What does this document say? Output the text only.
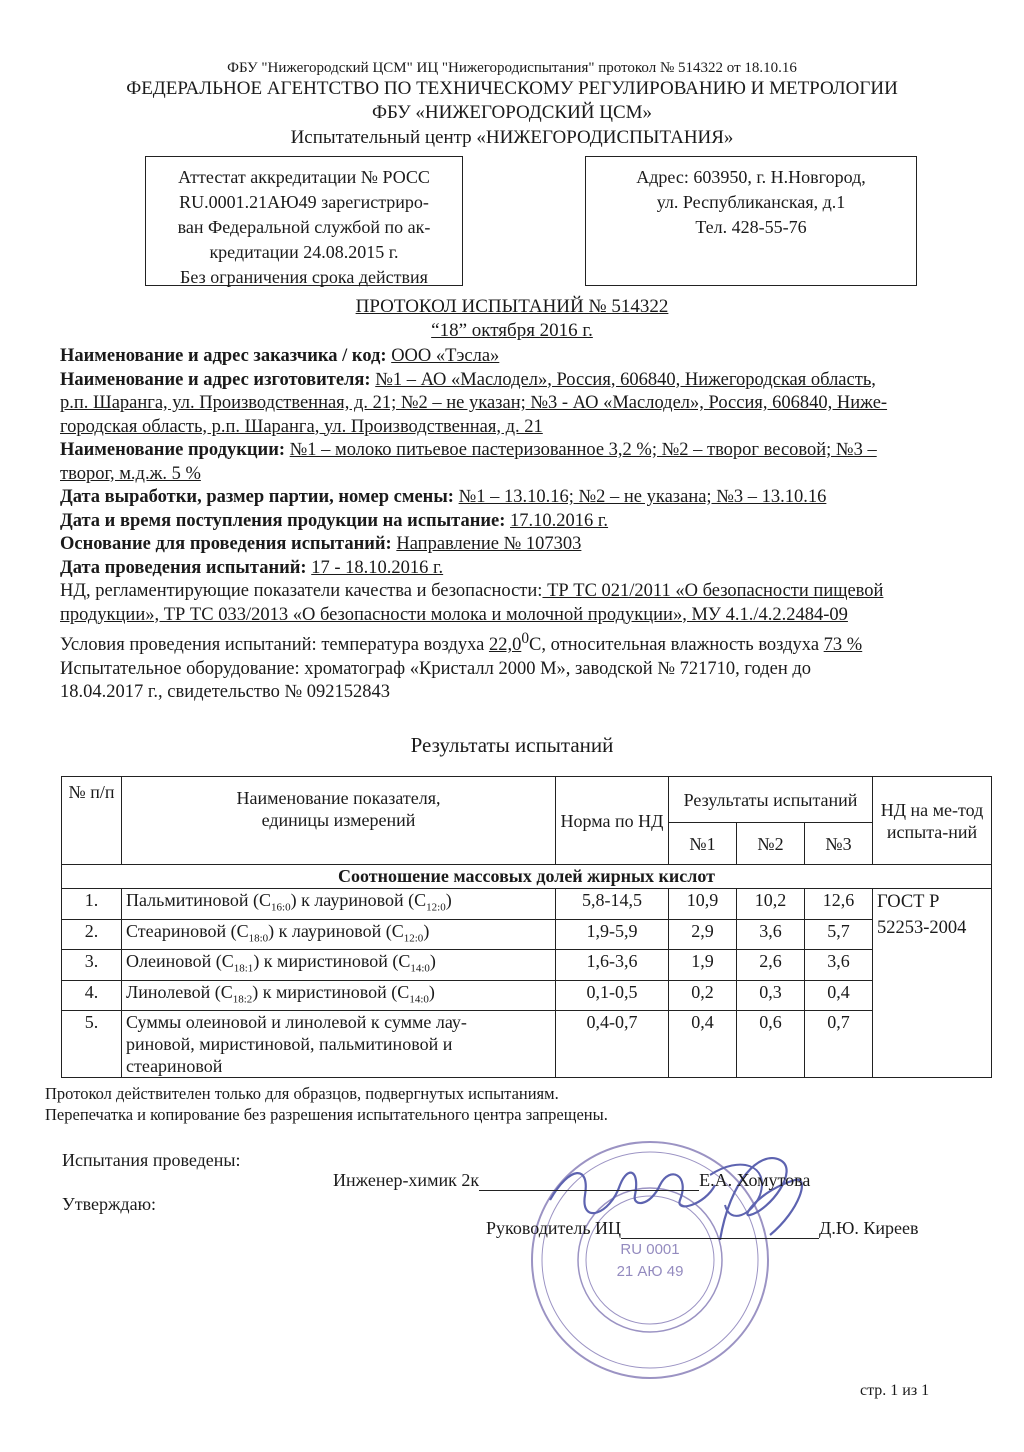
ФБУ "Нижегородский ЦСМ" ИЦ "Нижегородиспытания" протокол № 514322 от 18.10.16
ФЕДЕРАЛЬНОЕ АГЕНТСТВО ПО ТЕХНИЧЕСКОМУ РЕГУЛИРОВАНИЮ И МЕТРОЛОГИИ
ФБУ «НИЖЕГОРОДСКИЙ ЦСМ»
Испытательный центр «НИЖЕГОРОДИСПЫТАНИЯ»
Аттестат аккредитации № РОСС
RU.0001.21АЮ49 зарегистриро-
ван Федеральной службой по ак-
кредитации 24.08.2015 г.
Без ограничения срока действия
Адрес: 603950, г. Н.Новгород,
ул. Республиканская, д.1
Тел. 428-55-76
ПРОТОКОЛ ИСПЫТАНИЙ № 514322
“18” октября 2016 г.

Наименование и адрес заказчика / код: ООО «Тэсла»

Наименование и адрес изготовителя: №1 – АО «Маслодел», Россия, 606840, Нижегородская область,

р.п. Шаранга, ул. Производственная, д. 21; №2 – не указан; №3 - АО «Маслодел», Россия, 606840, Ниже-

городская область, р.п. Шаранга, ул. Производственная, д. 21

Наименование продукции: №1 – молоко питьевое пастеризованное 3,2 %; №2 – творог весовой; №3 –

творог, м.д.ж. 5 %

Дата выработки, размер партии, номер смены: №1 – 13.10.16; №2 – не указана; №3 – 13.10.16

Дата и время поступления продукции на испытание: 17.10.2016 г.

Основание для проведения испытаний: Направление № 107303

Дата проведения испытаний: 17 - 18.10.2016 г.

НД, регламентирующие показатели качества и безопасности: ТР ТС 021/2011 «О безопасности пищевой

продукции», ТР ТС 033/2013 «О безопасности молока и молочной продукции», МУ 4.1./4.2.2484-09

Условия проведения испытаний: температура воздуха 22,0$^0$С, относительная влажность воздуха 73 %

Испытательное оборудование: хроматограф «Кристалл 2000 М», заводской № 721710, годен до

18.04.2017 г., свидетельство № 092152843

Результаты испытаний
№ п/п	Наименование показателя,
единицы измерений	Норма по НД	Результаты испытаний			НД на ме-тод испыта-ний
			№1	№2	№3	
Соотношение массовых долей жирных кислот						
1.	Пальмитиновой $(C_{16:0})$ к лауриновой $(C_{12:0})$	5,8-14,5	10,9	10,2	12,6	ГОСТ Р 52253-2004
2.	Стеариновой $(C_{18:0})$ к лауриновой $(C_{12:0})$	1,9-5,9	2,9	3,6	5,7	
3.	Олеиновой $(C_{18:1})$ к миристиновой $(C_{14:0})$	1,6-3,6	1,9	2,6	3,6	
4.	Линолевой $(C_{18:2})$ к миристиновой $(C_{14:0})$	0,1-0,5	0,2	0,3	0,4	
5.	Суммы олеиновой и линолевой к сумме лау-
риновой, миристиновой, пальмитиновой и
стеариновой	0,4-0,7	0,4	0,6	0,7	
Протокол действителен только для образцов, подвергнутых испытаниям.
Перепечатка и копирование без разрешения испытательного центра запрещены.
RU 0001
21 АЮ 49
Испытания проведены:
Инженер-химик 2к	Е.А. Хомутова
Утверждаю:
Руководитель ИЦ	Д.Ю. Киреев
стр. 1 из 1
